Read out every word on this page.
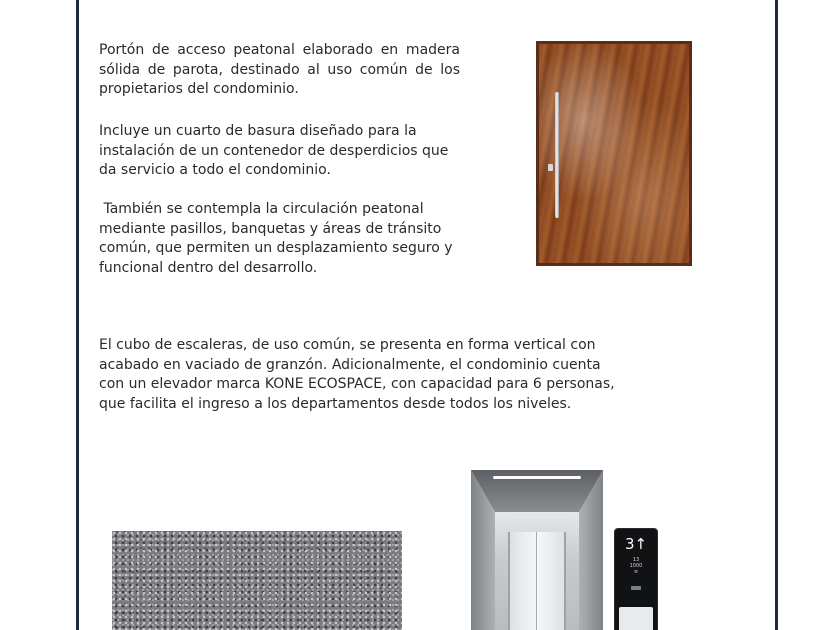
Portón de acceso peatonal elaborado en madera sólida de parota, destinado al uso común de los propietarios del condominio.

Incluye un cuarto de basura diseñado para la instalación de un contenedor de desperdicios que da servicio a todo el condominio.

También se contempla la circulación peatonal mediante pasillos, banquetas y áreas de tránsito común, que permiten un desplazamiento seguro y funcional dentro del desarrollo.

El cubo de escaleras, de uso común, se presenta en forma vertical con acabado en vaciado de granzón. Adicionalmente, el condominio cuenta con un elevador marca KONE ECOSPACE, con capacidad para 6 personas, que facilita el ingreso a los departamentos desde todos los niveles.

3↑
13
1000
≡
